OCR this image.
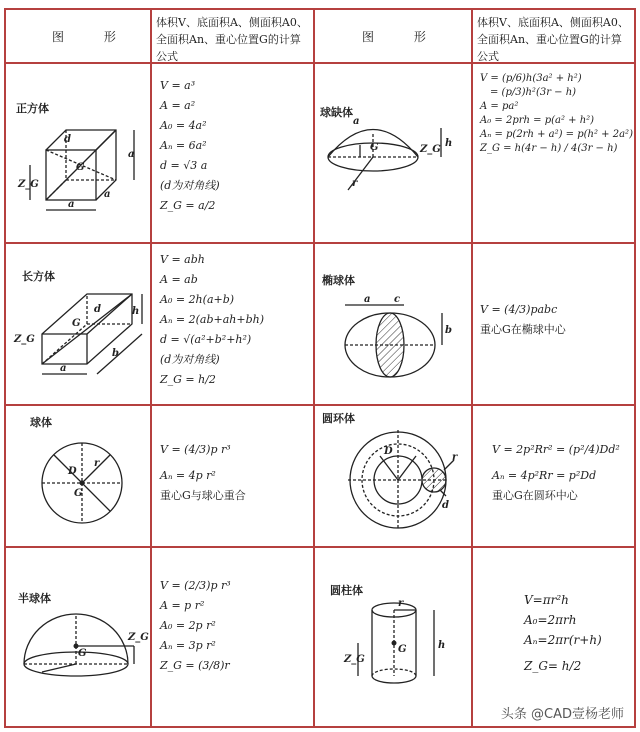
图 形
体积V、底面积A、侧面积A0、全面积An、重心位置G的计算公式
图 形
体积V、底面积A、侧面积A0、全面积An、重心位置G的计算公式
正方体
d
G
a
Z_G
a
a
V = a³
A = a²
A₀ = 4a²
Aₙ = 6a²
d = √3 a
(d为对角线)
Z_G = a/2
球缺体
a
G	Z_G
h
r
V = (p/6)h(3a² + h²)
= (p/3)h²(3r − h)
A = pa²
A₀ = 2prh = p(a² + h²)
Aₙ = p(2rh + a²) = p(h² + 2a²)
Z_G = h(4r − h) / 4(3r − h)
长方体
d	h
Z_G
G
b
a
V = abh
A = ab
A₀ = 2h(a+b)
Aₙ = 2(ab+ah+bh)
d = √(a²+b²+h²)
(d为对角线)
Z_G = h/2
椭球体
a c
b
V = (4/3)pabc
重心G在椭球中心
球体
D
r
G
V = (4/3)p r³
Aₙ = 4p r²
重心G与球心重合
圆环体
D
r
d
V = 2p²Rr² = (p²/4)Dd²
Aₙ = 4p²Rr = p²Dd
重心G在圆环中心
半球体
G
Z_G
V = (2/3)p r³
A = p r²
A₀ = 2p r²
Aₙ = 3p r²
Z_G = (3/8)r
圆柱体
r
G
Z_G
h
V=πr²h
A₀=2πrh
Aₙ=2πr(r+h)
Z_G= h/2
头条 @CAD壹杨老师
